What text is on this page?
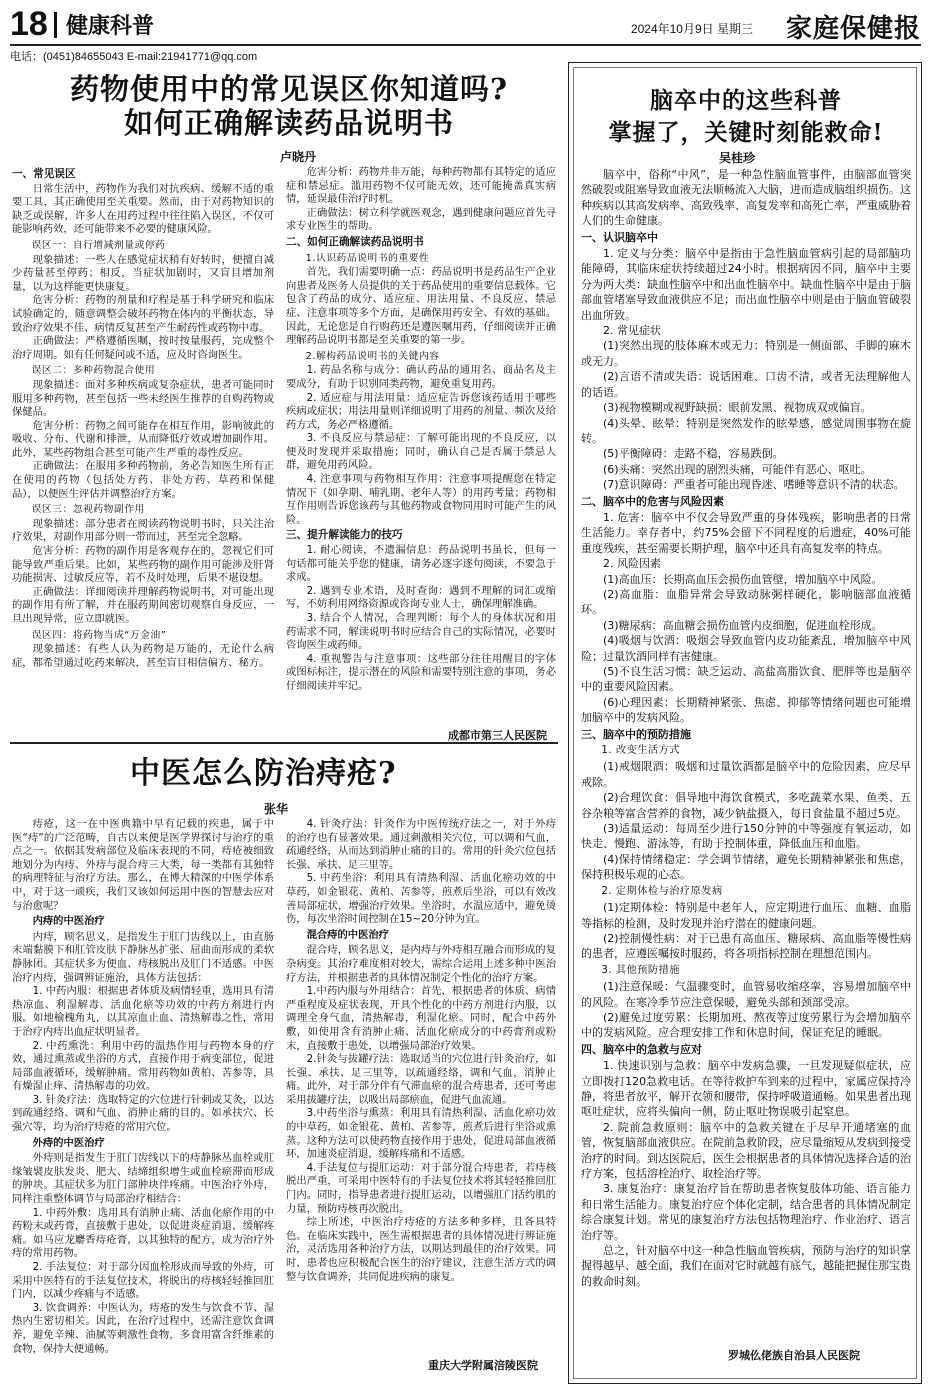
18 健康科普	2024年10月9日 星期三 家庭保健报
电话：(0451)84655043 E-mail:21941771@qq.com
药物使用中的常见误区你知道吗?
如何正确解读药品说明书
卢晓丹
一、常见误区

日常生活中，药物作为我们对抗疾病、缓解不适的重要工具，其正确使用至关重要。然而，由于对药物知识的缺乏或误解，许多人在用药过程中往往陷入误区，不仅可能影响药效，还可能带来不必要的健康风险。

误区一：自行增减剂量或停药

现象描述：一些人在感觉症状稍有好转时，便擅自减少药量甚至停药；相反，当症状加剧时，又盲目增加剂量，以为这样能更快康复。

危害分析：药物的剂量和疗程是基于科学研究和临床试验确定的，随意调整会破坏药物在体内的平衡状态，导致治疗效果不佳、病情反复甚至产生耐药性或药物中毒。

正确做法：严格遵循医嘱，按时按量服药，完成整个治疗周期。如有任何疑问或不适，应及时咨询医生。

误区二：多种药物混合使用

现象描述：面对多种疾病或复杂症状，患者可能同时服用多种药物，甚至包括一些未经医生推荐的自购药物或保健品。

危害分析：药物之间可能存在相互作用，影响彼此的吸收、分布、代谢和排泄，从而降低疗效或增加副作用。此外，某些药物组合甚至可能产生严重的毒性反应。

正确做法：在服用多种药物前，务必告知医生所有正在使用的药物（包括处方药、非处方药、草药和保健品），以便医生评估并调整治疗方案。

误区三：忽视药物副作用

现象描述：部分患者在阅读药物说明书时，只关注治疗效果，对副作用部分则一带而过，甚至完全忽略。

危害分析：药物的副作用是客观存在的，忽视它们可能导致严重后果。比如，某些药物的副作用可能涉及肝肾功能损害、过敏反应等，若不及时处理，后果不堪设想。

正确做法：详细阅读并理解药物说明书，对可能出现的副作用有所了解，并在服药期间密切观察自身反应，一旦出现异常，应立即就医。

误区四：将药物当成“万金油”

现象描述：有些人认为药物是万能的，无论什么病症，都希望通过吃药来解决，甚至盲目相信偏方、秘方。

危害分析：药物并非万能，每种药物都有其特定的适应症和禁忌症。滥用药物不仅可能无效，还可能掩盖真实病情，延误最佳治疗时机。

正确做法：树立科学就医观念，遇到健康问题应首先寻求专业医生的帮助。

二、如何正确解读药品说明书
1.认识药品说明书的重要性

首先，我们需要明确一点：药品说明书是药品生产企业向患者及医务人员提供的关于药品使用的重要信息载体。它包含了药品的成分、适应症、用法用量、不良反应、禁忌症、注意事项等多个方面，是确保用药安全、有效的基础。因此，无论您是自行购药还是遵医嘱用药，仔细阅读并正确理解药品说明书都是至关重要的第一步。

2.解构药品说明书的关键内容

1. 药品名称与成分：确认药品的通用名、商品名及主要成分，有助于识别同类药物，避免重复用药。

2. 适应症与用法用量：适应症告诉您该药适用于哪些疾病或症状；用法用量则详细说明了用药的剂量、频次及给药方式，务必严格遵循。

3. 不良反应与禁忌症：了解可能出现的不良反应，以便及时发现并采取措施；同时，确认自己是否属于禁忌人群，避免用药风险。

4. 注意事项与药物相互作用：注意事项提醒您在特定情况下（如孕期、哺乳期、老年人等）的用药考量；药物相互作用则告诉您该药与其他药物或食物同用时可能产生的风险。

三、提升解读能力的技巧

1. 耐心阅读，不遗漏信息：药品说明书虽长，但每一句话都可能关乎您的健康，请务必逐字逐句阅读，不要急于求成。

2. 遇到专业术语，及时查询：遇到不理解的词汇或缩写，不妨利用网络资源或咨询专业人士，确保理解准确。

3. 结合个人情况，合理判断：每个人的身体状况和用药需求不同，解读说明书时应结合自己的实际情况，必要时咨询医生或药师。

4. 重视警告与注意事项：这些部分往往用醒目的字体或图标标注，提示潜在的风险和需要特别注意的事项，务必仔细阅读并牢记。

成都市第三人民医院
中医怎么防治痔疮?
张华

痔疮，这一在中医典籍中早有记载的疾患，属于中医“痔”的广泛范畴，自古以来便是医学界探讨与治疗的重点之一。依据其发病部位及临床表现的不同，痔疮被细致地划分为内痔、外痔与混合痔三大类，每一类都有其独特的病理特征与治疗方法。那么，在博大精深的中医学体系中，对于这一顽疾，我们又该如何运用中医的智慧去应对与治愈呢？

内痔的中医治疗

内痔，顾名思义，是指发生于肛门齿线以上，由直肠末端黏膜下和肛管皮肤下静脉丛扩张、屈曲而形成的柔软静脉团。其症状多为便血、痔核脱出及肛门不适感。中医治疗内痔，强调辨证施治，具体方法包括：

1. 中药内服：根据患者体质及病情轻重，选用具有清热凉血、利湿解毒、活血化瘀等功效的中药方剂进行内服。如地榆槐角丸，以其凉血止血、清热解毒之性，常用于治疗内痔出血症状明显者。

2. 中药熏洗：利用中药的温热作用与药物本身的疗效，通过熏蒸或坐浴的方式，直接作用于病变部位，促进局部血液循环，缓解肿痛。常用药物如黄柏、苦参等，具有燥湿止痒、清热解毒的功效。

3. 针灸疗法：选取特定的穴位进行针刺或艾灸，以达到疏通经络、调和气血、消肿止痛的目的。如承扶穴、长强穴等，均为治疗痔疮的常用穴位。

外痔的中医治疗

外痔则是指发生于肛门齿线以下的痔静脉丛血栓或肛缘皱襞皮肤发炎、肥大、结缔组织增生或血栓瘀滞而形成的肿块。其症状多为肛门部肿块伴疼痛。中医治疗外痔，同样注重整体调节与局部治疗相结合：

1. 中药外敷：选用具有消肿止痛、活血化瘀作用的中药粉末或药膏，直接敷于患处，以促进炎症消退，缓解疼痛。如马应龙麝香痔疮膏，以其独特的配方，成为治疗外痔的常用药物。

2. 手法复位：对于部分因血栓形成而导致的外痔，可采用中医特有的手法复位技术，将脱出的痔核轻轻推回肛门内，以减少疼痛与不适感。

3. 饮食调养：中医认为，痔疮的发生与饮食不节、湿热内生密切相关。因此，在治疗过程中，还需注意饮食调养，避免辛辣、油腻等刺激性食物，多食用富含纤维素的食物，保持大便通畅。

4. 针灸疗法：针灸作为中医传统疗法之一，对于外痔的治疗也有显著效果。通过刺激相关穴位，可以调和气血，疏通经络，从而达到消肿止痛的目的。常用的针灸穴位包括长强、承扶、足三里等。

5. 中药坐浴：利用具有清热利湿、活血化瘀功效的中草药，如金银花、黄柏、苦参等，煎煮后坐浴，可以有效改善局部症状，增强治疗效果。坐浴时，水温应适中，避免烫伤，每次坐浴时间控制在15~20分钟为宜。

混合痔的中医治疗

混合痔，顾名思义，是内痔与外痔相互融合而形成的复杂病变。其治疗难度相对较大，需综合运用上述多种中医治疗方法，并根据患者的具体情况制定个性化的治疗方案。

1.中药内服与外用结合：首先，根据患者的体质、病情严重程度及症状表现，开具个性化的中药方剂进行内服，以调理全身气血，清热解毒，利湿化瘀。同时，配合中药外敷，如使用含有消肿止痛、活血化瘀成分的中药膏剂或粉末，直接敷于患处，以增强局部治疗效果。

2.针灸与拔罐疗法：选取适当的穴位进行针灸治疗，如长强、承扶、足三里等，以疏通经络，调和气血，消肿止痛。此外，对于部分伴有气滞血瘀的混合痔患者，还可考虑采用拔罐疗法，以吸出局部瘀血，促进气血流通。

3.中药坐浴与熏蒸：利用具有清热利湿、活血化瘀功效的中草药，如金银花、黄柏、苦参等，煎煮后进行坐浴或熏蒸。这种方法可以使药物直接作用于患处，促进局部血液循环，加速炎症消退，缓解疼痛和不适感。

4.手法复位与提肛运动：对于部分混合痔患者，若痔核脱出严重，可采用中医特有的手法复位技术将其轻轻推回肛门内。同时，指导患者进行提肛运动，以增强肛门括约肌的力量，预防痔核再次脱出。

综上所述，中医治疗痔疮的方法多种多样，且各具特色。在临床实践中，医生需根据患者的具体情况进行辨证施治，灵活选用各种治疗方法，以期达到最佳的治疗效果。同时，患者也应积极配合医生的治疗建议，注意生活方式的调整与饮食调养，共同促进疾病的康复。

重庆大学附属涪陵医院
脑卒中的这些科普
掌握了，关键时刻能救命!
吴桂珍

脑卒中，俗称“中风”，是一种急性脑血管事件，由脑部血管突然破裂或阻塞导致血液无法顺畅流入大脑，进而造成脑组织损伤。这种疾病以其高发病率、高致残率、高复发率和高死亡率，严重威胁着人们的生命健康。

一、认识脑卒中

1. 定义与分类：脑卒中是指由于急性脑血管病引起的局部脑功能障碍，其临床症状持续超过24小时。根据病因不同，脑卒中主要分为两大类：缺血性脑卒中和出血性脑卒中。缺血性脑卒中是由于脑部血管堵塞导致血液供应不足；而出血性脑卒中则是由于脑血管破裂出血所致。

2. 常见症状

(1)突然出现的肢体麻木或无力：特别是一侧面部、手脚的麻木或无力。

(2)言语不清或失语：说话困难、口齿不清，或者无法理解他人的话语。

(3)视物模糊或视野缺损：眼前发黑、视物成双或偏盲。

(4)头晕、眩晕：特别是突然发作的眩晕感，感觉周围事物在旋转。

(5)平衡障碍：走路不稳，容易跌倒。

(6)头痛：突然出现的剧烈头痛，可能伴有恶心、呕吐。

(7)意识障碍：严重者可能出现昏迷、嗜睡等意识不清的状态。

二、脑卒中的危害与风险因素

1. 危害：脑卒中不仅会导致严重的身体残疾，影响患者的日常生活能力。幸存者中，约75%会留下不同程度的后遗症，40%可能重度残疾，甚至需要长期护理，脑卒中还具有高复发率的特点。

2. 风险因素

(1)高血压：长期高血压会损伤血管壁，增加脑卒中风险。

(2)高血脂：血脂异常会导致动脉粥样硬化，影响脑部血液循环。

(3)糖尿病：高血糖会损伤血管内皮细胞，促进血栓形成。

(4)吸烟与饮酒：吸烟会导致血管内皮功能紊乱，增加脑卒中风险；过量饮酒同样有害健康。

(5)不良生活习惯：缺乏运动、高盐高脂饮食、肥胖等也是脑卒中的重要风险因素。

(6)心理因素：长期精神紧张、焦虑、抑郁等情绪问题也可能增加脑卒中的发病风险。

三、脑卒中的预防措施
1. 改变生活方式

(1)戒烟限酒：吸烟和过量饮酒都是脑卒中的危险因素，应尽早戒除。

(2)合理饮食：倡导地中海饮食模式，多吃蔬菜水果、鱼类、五谷杂粮等富含营养的食物，减少钠盐摄入，每日食盐量不超过5克。

(3)适量运动：每周至少进行150分钟的中等强度有氧运动，如快走、慢跑、游泳等，有助于控制体重，降低血压和血脂。

(4)保持情绪稳定：学会调节情绪，避免长期精神紧张和焦虑，保持积极乐观的心态。

2. 定期体检与治疗原发病

(1)定期体检：特别是中老年人，应定期进行血压、血糖、血脂等指标的检测，及时发现并治疗潜在的健康问题。

(2)控制慢性病：对于已患有高血压、糖尿病、高血脂等慢性病的患者，应遵医嘱按时服药，将各项指标控制在理想范围内。

3. 其他预防措施

(1)注意保暖：气温骤变时，血管易收缩痉挛，容易增加脑卒中的风险。在寒冷季节应注意保暖，避免头部和颈部受凉。

(2)避免过度劳累：长期加班、熬夜等过度劳累行为会增加脑卒中的发病风险。应合理安排工作和休息时间，保证充足的睡眠。

四、脑卒中的急救与应对

1. 快速识别与急救：脑卒中发病急骤，一旦发现疑似症状，应立即拨打120急救电话。在等待救护车到来的过程中，家属应保持冷静，将患者放平，解开衣领和腰带，保持呼吸道通畅。如果患者出现呕吐症状，应将头偏向一侧，防止呕吐物误吸引起窒息。

2. 院前急救原则：脑卒中的急救关键在于尽早开通堵塞的血管，恢复脑部血液供应。在院前急救阶段，应尽量缩短从发病到接受治疗的时间。到达医院后，医生会根据患者的具体情况选择合适的治疗方案，包括溶栓治疗、取栓治疗等。

3. 康复治疗：康复治疗旨在帮助患者恢复肢体功能、语言能力和日常生活能力。康复治疗应个体化定制，结合患者的具体情况制定综合康复计划。常见的康复治疗方法包括物理治疗、作业治疗、语言治疗等。

总之，针对脑卒中这一种急性脑血管疾病，预防与治疗的知识掌握得越早、越全面，我们在面对它时就越有底气，越能把握住那宝贵的救命时刻。

罗城仫佬族自治县人民医院
